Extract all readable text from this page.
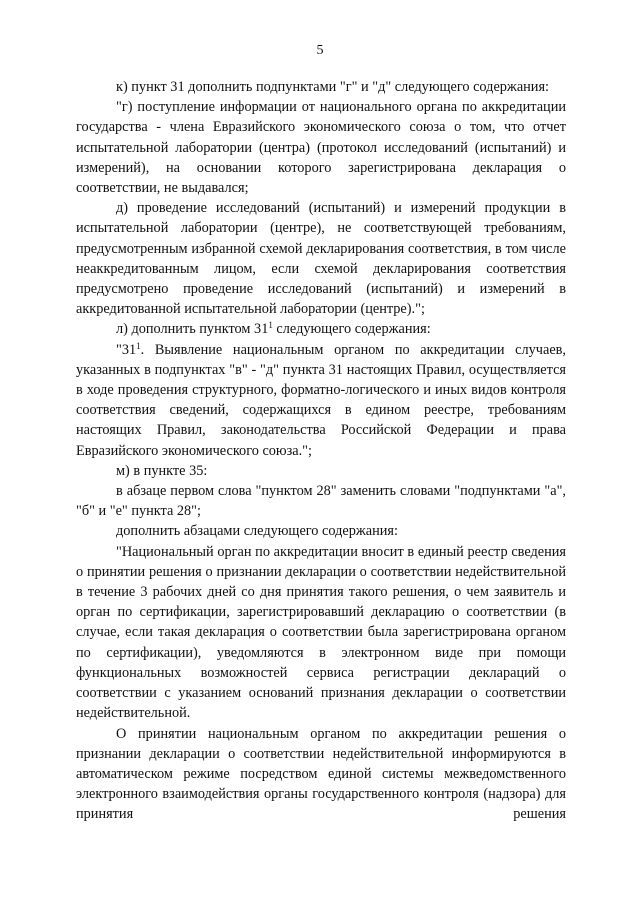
5

к) пункт 31 дополнить подпунктами "г" и "д" следующего содержания:

"г) поступление информации от национального органа по аккредитации государства - члена Евразийского экономического союза о том, что отчет испытательной лаборатории (центра) (протокол исследований (испытаний) и измерений), на основании которого зарегистрирована декларация о соответствии, не выдавался;

д) проведение исследований (испытаний) и измерений продукции в испытательной лаборатории (центре), не соответствующей требованиям, предусмотренным избранной схемой декларирования соответствия, в том числе неаккредитованным лицом, если схемой декларирования соответствия предусмотрено проведение исследований (испытаний) и измерений в аккредитованной испытательной лаборатории (центре).";

л) дополнить пунктом $31^1$ следующего содержания:

"$31^1$. Выявление национальным органом по аккредитации случаев, указанных в подпунктах "в" - "д" пункта 31 настоящих Правил, осуществляется в ходе проведения структурного, форматно-логического и иных видов контроля соответствия сведений, содержащихся в едином реестре, требованиям настоящих Правил, законодательства Российской Федерации и права Евразийского экономического союза.";

м) в пункте 35:

в абзаце первом слова "пунктом 28" заменить словами "подпунктами "а", "б" и "е" пункта 28";

дополнить абзацами следующего содержания:

"Национальный орган по аккредитации вносит в единый реестр сведения о принятии решения о признании декларации о соответствии недействительной в течение 3 рабочих дней со дня принятия такого решения, о чем заявитель и орган по сертификации, зарегистрировавший декларацию о соответствии (в случае, если такая декларация о соответствии была зарегистрирована органом по сертификации), уведомляются в электронном виде при помощи функциональных возможностей сервиса регистрации деклараций о соответствии с указанием оснований признания декларации о соответствии недействительной.

О принятии национальным органом по аккредитации решения о признании декларации о соответствии недействительной информируются в автоматическом режиме посредством единой системы межведомственного электронного взаимодействия органы государственного контроля (надзора) для принятия решения
